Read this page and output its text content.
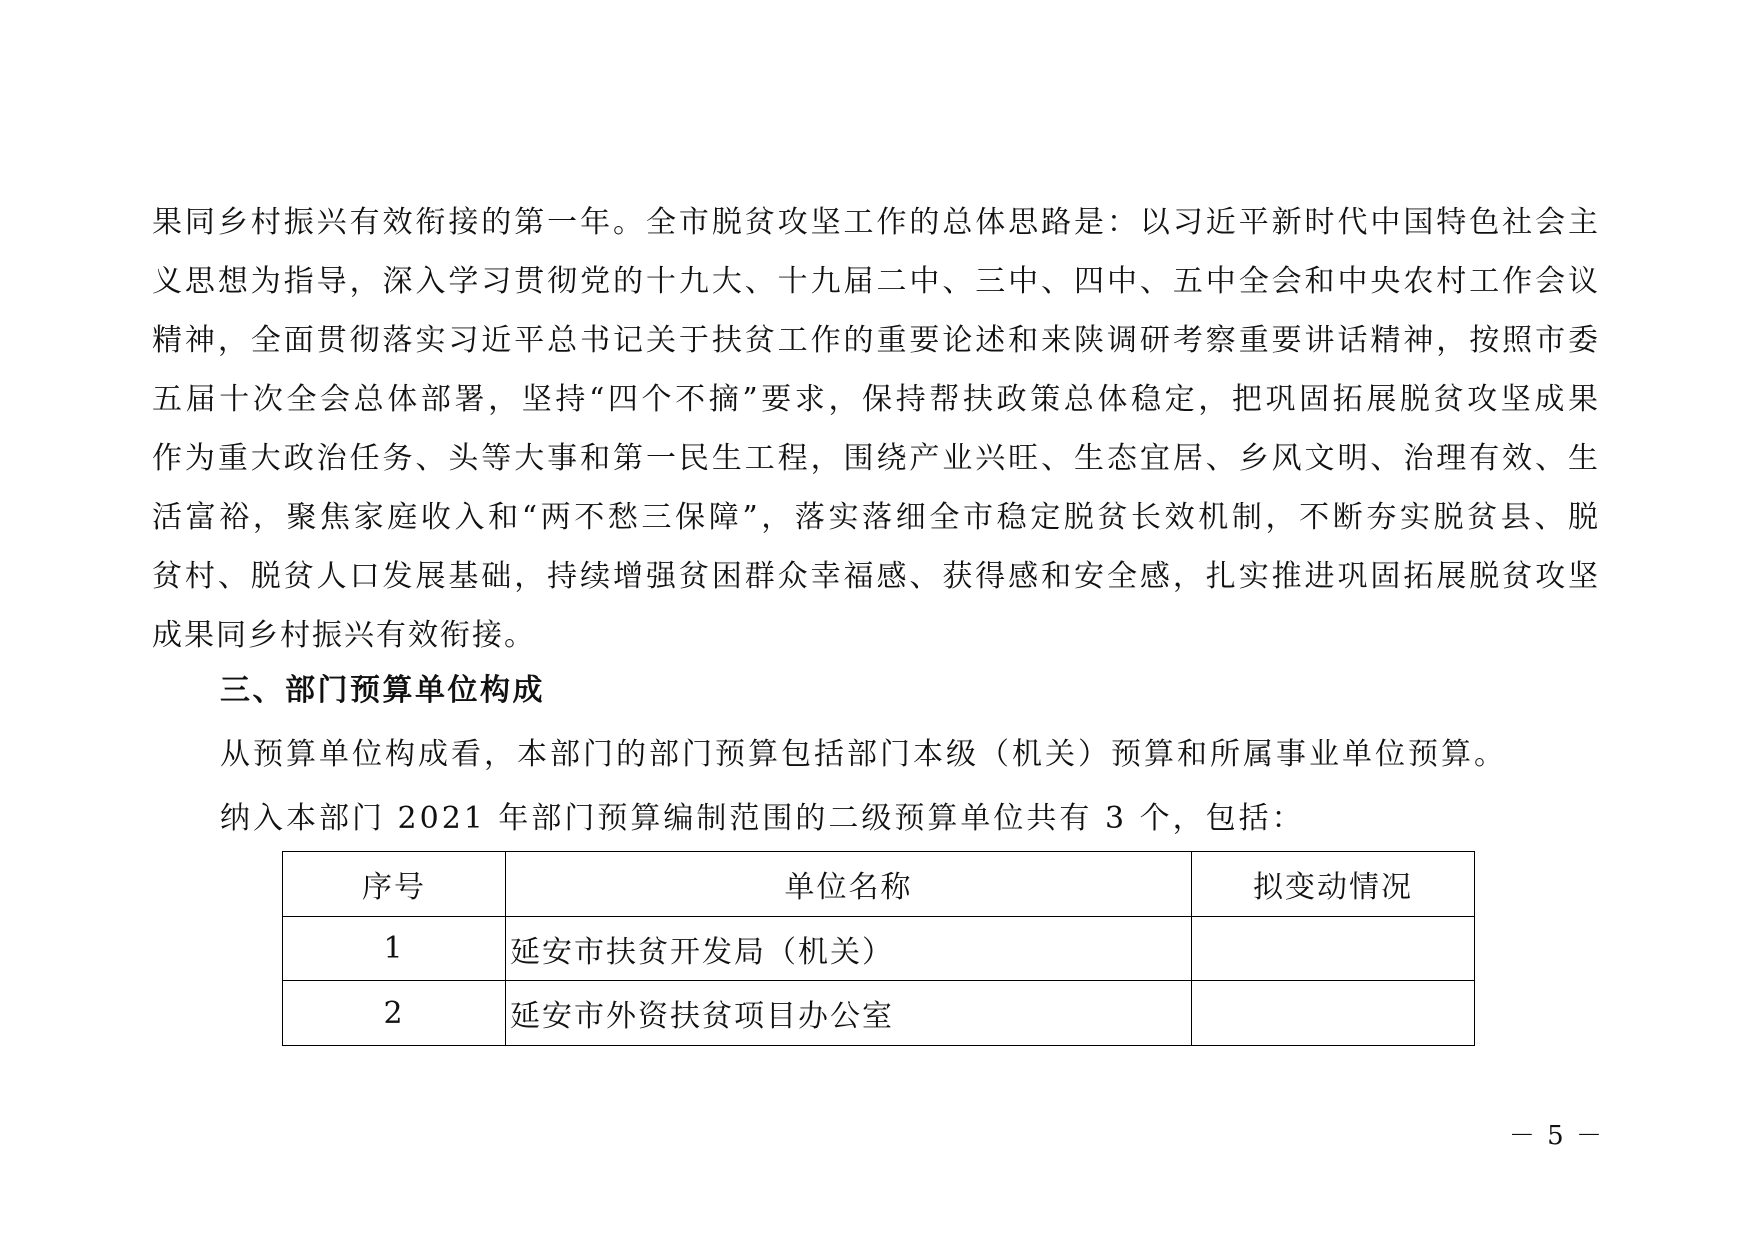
果同乡村振兴有效衔接的第一年。全市脱贫攻坚工作的总体思路是：以习近平新时代中国特色社会主
义思想为指导，深入学习贯彻党的十九大、十九届二中、三中、四中、五中全会和中央农村工作会议
精神，全面贯彻落实习近平总书记关于扶贫工作的重要论述和来陕调研考察重要讲话精神，按照市委
五届十次全会总体部署，坚持“四个不摘”要求，保持帮扶政策总体稳定，把巩固拓展脱贫攻坚成果
作为重大政治任务、头等大事和第一民生工程，围绕产业兴旺、生态宜居、乡风文明、治理有效、生
活富裕，聚焦家庭收入和“两不愁三保障”，落实落细全市稳定脱贫长效机制，不断夯实脱贫县、脱
贫村、脱贫人口发展基础，持续增强贫困群众幸福感、获得感和安全感，扎实推进巩固拓展脱贫攻坚
成果同乡村振兴有效衔接。
三、部门预算单位构成
从预算单位构成看，本部门的部门预算包括部门本级（机关）预算和所属事业单位预算。
纳入本部门 2021 年部门预算编制范围的二级预算单位共有 3 个，包括：
序号	单位名称	拟变动情况
1	延安市扶贫开发局（机关）	
2	延安市外资扶贫项目办公室	
－ 5 －
